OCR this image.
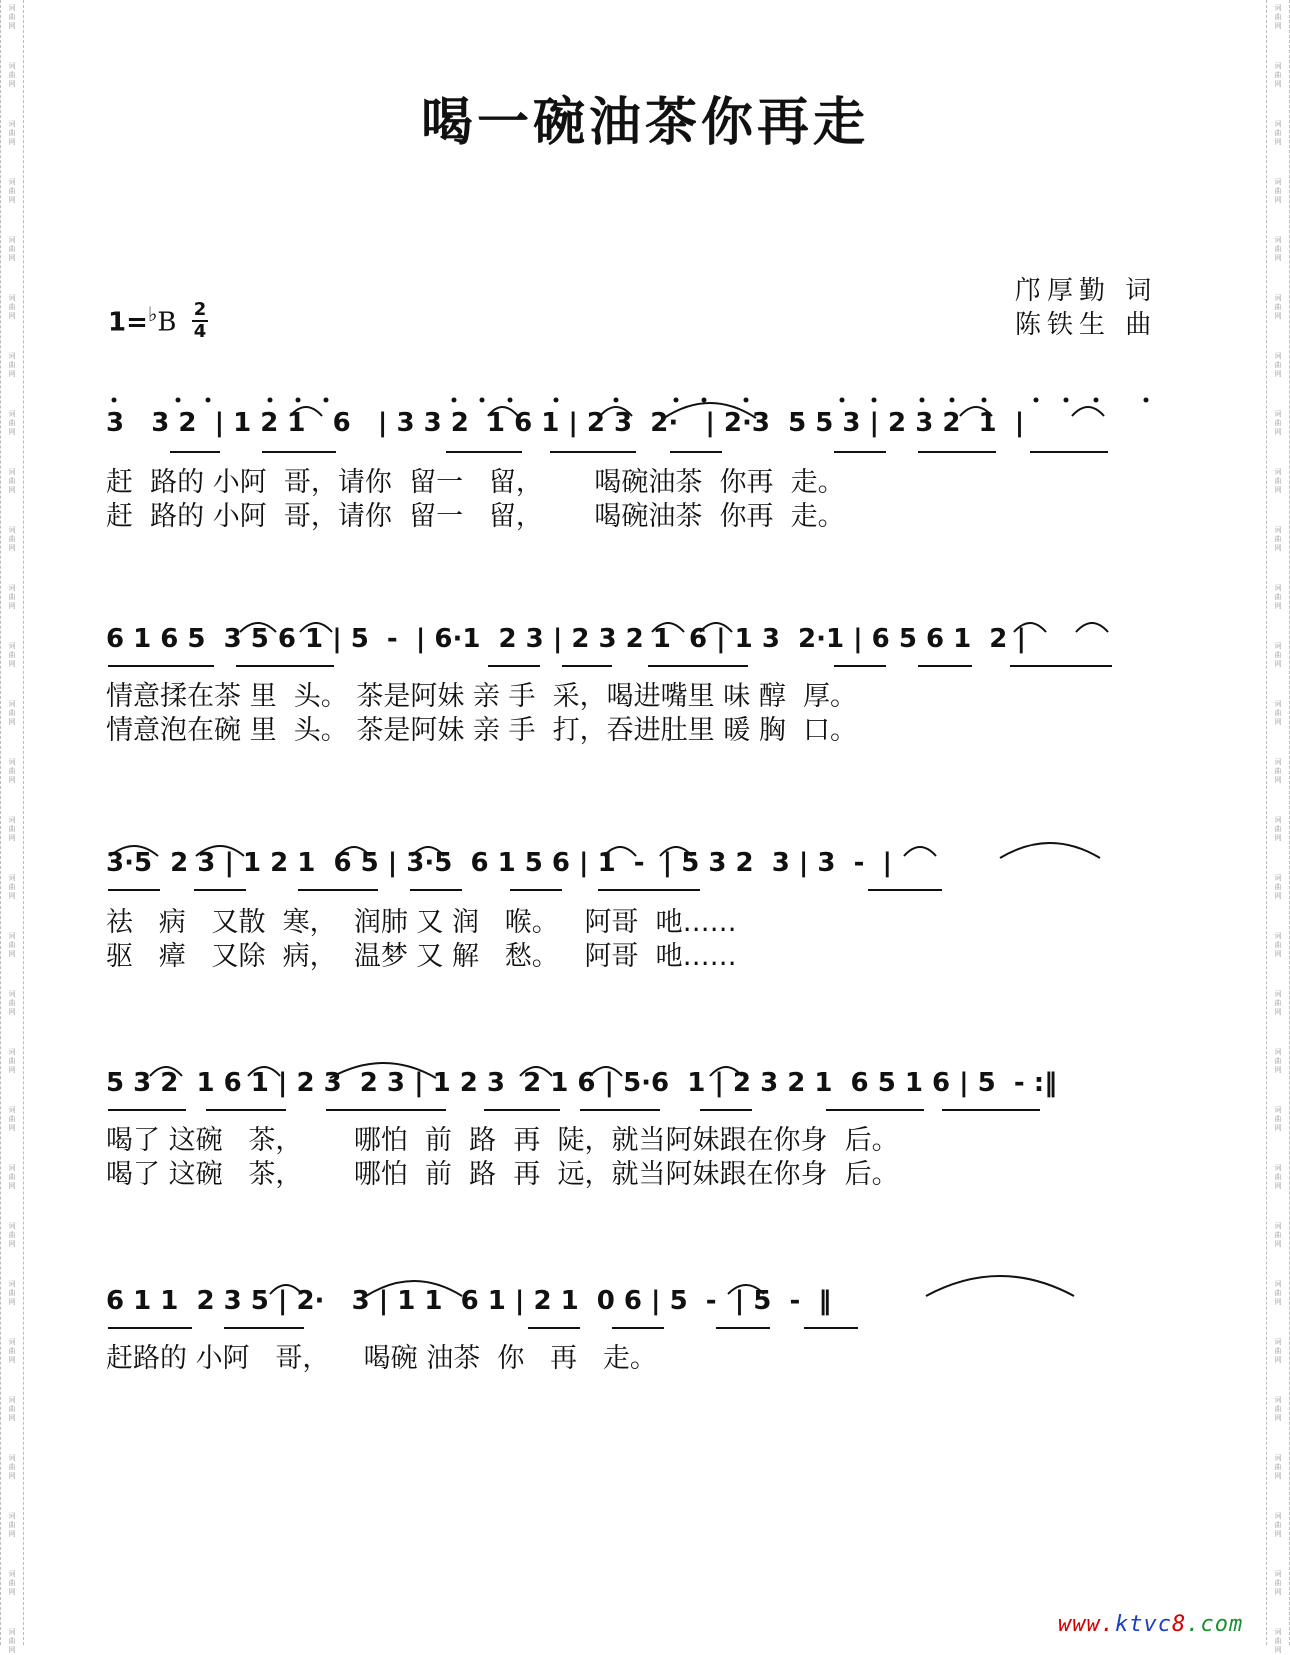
词
曲
网
词
曲
网
词
曲
网
词
曲
网
词
曲
网
词
曲
网
词
曲
网
词
曲
网
词
曲
网
词
曲
网
词
曲
网
词
曲
网
词
曲
网
词
曲
网
词
曲
网
词
曲
网
词
曲
网
词
曲
网
词
曲
网
词
曲
网
词
曲
网
词
曲
网
词
曲
网
词
曲
网
词
曲
网
词
曲
网
词
曲
网
词
曲
网
词
曲
网
词
曲
网
词
曲
网
词
曲
网
词
曲
网
词
曲
网
词
曲
网
词
曲
网
词
曲
网
词
曲
网
词
曲
网
词
曲
网
词
曲
网
词
曲
网
词
曲
网
词
曲
网
词
曲
网
词
曲
网
词
曲
网
词
曲
网
词
曲
网
词
曲
网
词
曲
网
词
曲
网
词
曲
网
词
曲
网
词
曲
网
词
曲
网
词
曲
网
词
曲
网
喝一碗油茶你再走
1=♭B 2
4
邝厚勤 词
陈铁生 曲
3   3 2  | 1 2 1   6   | 3 3 2  1 6 1 | 2 3  2·   | 2·3  5 5 3 | 2 3 2  1  |
赶  路的 小阿  哥，请你  留一   留，      喝碗油茶  你再  走。
赶  路的 小阿  哥，请你  留一   留，      喝碗油茶  你再  走。
6 1 6 5  3 5 6 1 | 5  -  | 6·1  2 3 | 2 3 2 1  6 | 1 3  2·1 | 6 5 6 1  2 |
情意揉在茶 里  头。 茶是阿妹 亲 手  采，喝进嘴里 味 醇  厚。
情意泡在碗 里  头。 茶是阿妹 亲 手  打，吞进肚里 暖 胸  口。
3·5  2 3 | 1 2 1  6 5 | 3·5  6 1 5 6 | 1  -  | 5 3 2  3 | 3  -  |
祛   病   又散  寒，  润肺 又 润   喉。   阿哥  吔……
驱   瘴   又除  病，  温梦 又 解   愁。   阿哥  吔……
5 3 2  1 6 1 | 2 3  2 3 | 1 2 3  2 1 6 | 5·6  1 | 2 3 2 1  6 5 1 6 | 5  - :‖
喝了 这碗   茶，      哪怕  前  路  再  陡，就当阿妹跟在你身  后。
喝了 这碗   茶，      哪怕  前  路  再  远，就当阿妹跟在你身  后。
6 1 1  2 3 5 | 2·   3 | 1 1  6 1 | 2 1  0 6 | 5  -  | 5  -  ‖
赶路的 小阿   哥，    喝碗 油茶  你   再   走。
www.ktvc8.com
